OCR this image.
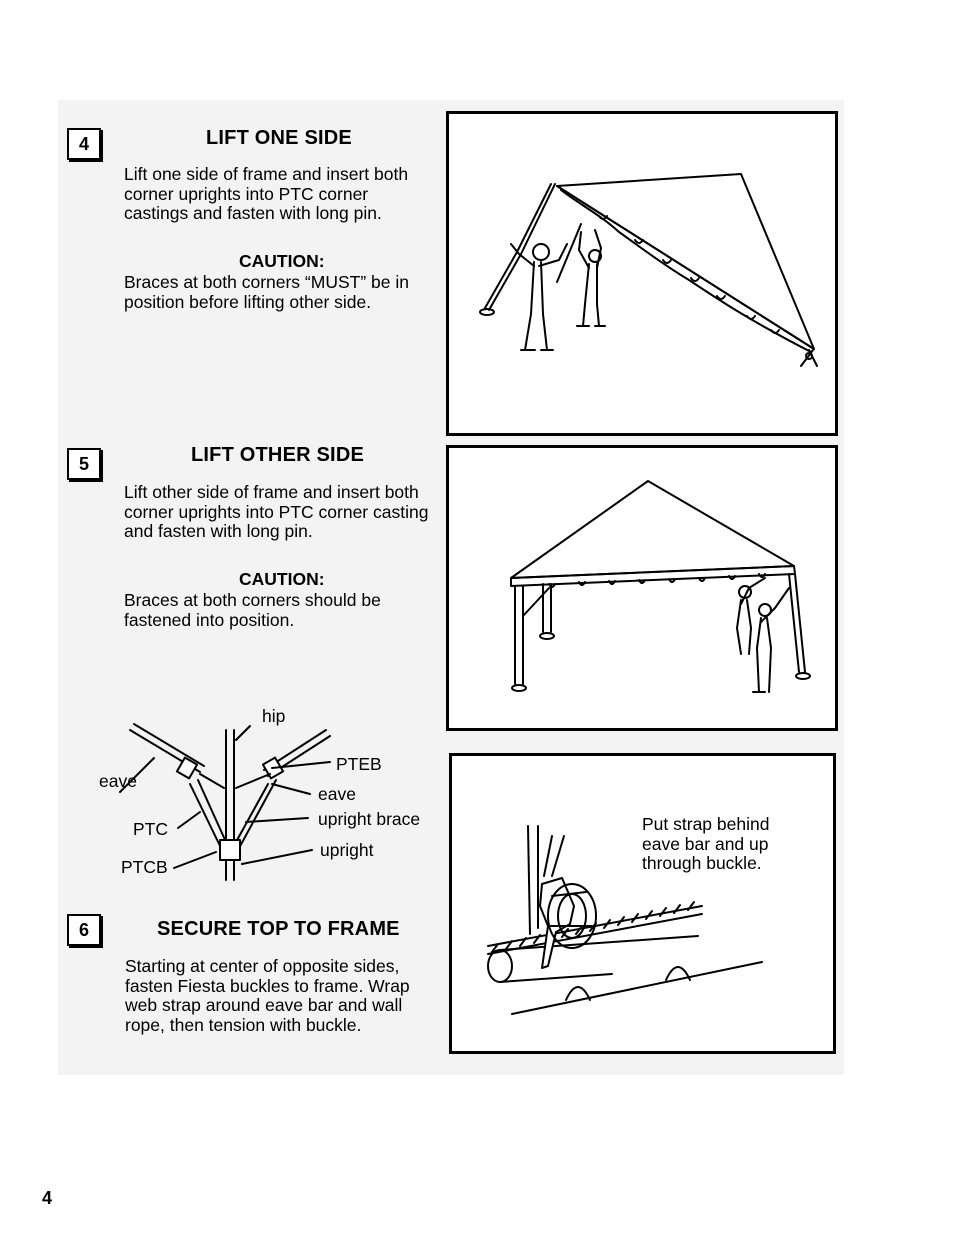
4	LIFT ONE SIDE

Lift one side of frame and insert both corner uprights into PTC corner castings and fasten with long pin.

CAUTION:

Braces at both corners “MUST” be in position before lifting other side.

5	LIFT OTHER SIDE

Lift other side of frame and insert both corner uprights into PTC corner casting and fasten with long pin.

CAUTION:

Braces at both corners should be fastened into position.

hip
eave
PTEB
eave
PTC	upright brace
PTCB
upright
6	SECURE TOP TO FRAME

Starting at center of opposite sides, fasten Fiesta buckles to frame. Wrap web strap around eave bar and wall rope, then tension with buckle.

Put strap behind eave bar and up through buckle.

4
